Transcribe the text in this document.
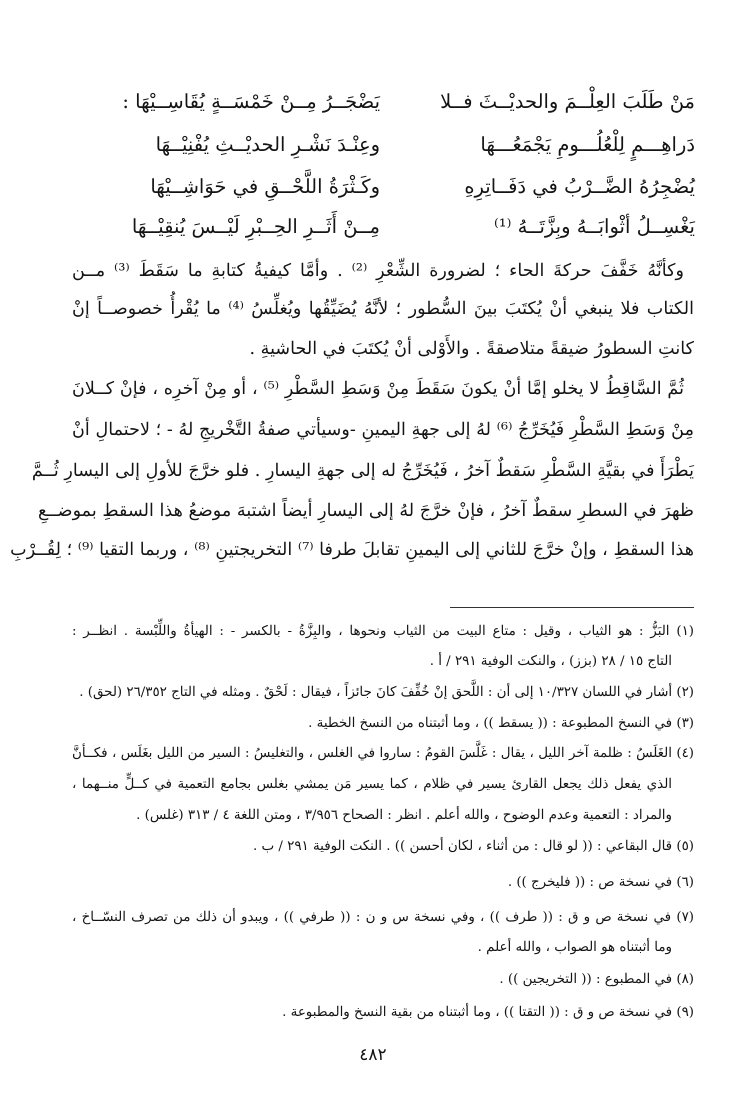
مَنْ طَلَبَ العِلْــمَ والحديْــثَ فــلا
يَضْجَــرُ مِــنْ خَمْسَــةٍ يُقَاسِــيْهَا :
دَراهِـــمٍ لِلْعُلُـــومِ يَجْمَعُـــهَا
وعِنْـدَ نَشْـرِ الحديْــثِ يُفْنِيْــهَا
يُضْجِرُهُ الضَّــرْبُ في دَفَــاتِرِهِ
وكَـثْرَةُ اللَّحْــقِ في حَوَاشِــيْهَا
يَغْسِــلُ أثْوابَــهُ وبِزَّتَــهُ ⁽¹⁾
مِــنْ أَثَــرِ الحِــبْرِ لَيْــسَ يُنقِيْــهَا
وكأنَّهُ خَفَّفَ حركةَ الحاء ؛ لضرورة الشِّعْرِ ⁽²⁾ . وأمَّا كيفيةُ كتابةِ ما سَقَطَ ⁽³⁾ مــن
الكتاب فلا ينبغي أنْ يُكتَبَ بينَ السُّطور ؛ لأنَّهُ يُضَيِّقُها ويُغلِّسُ ⁽⁴⁾ ما يُقْرأُ خصوصــاً إنْ
كانتِ السطورُ ضيقةً متلاصقةً . والأَوْلى أنْ يُكتَبَ في الحاشيةِ .
ثُمَّ السَّاقِطُ لا يخلو إمَّا أنْ يكونَ سَقَطَ مِنْ وَسَطِ السَّطْرِ ⁽⁵⁾ ، أو مِنْ آخرِه ، فإنْ كــلانَ
مِنْ وَسَطِ السَّطْرِ فَيُخَرِّجُ ⁽⁶⁾ لهُ إلى جهةِ اليمينِ -وسيأتي صفةُ التَّخْريجِ لهُ - ؛ لاحتمالِ أنْ
يَطْرَأَ في بقيَّةِ السَّطْرِ سَقطٌ آخرُ ، فَيُخَرِّجُ له إلى جهةِ اليسارِ . فلو خرَّجَ للأولِ إلى اليسارِ ثُــمَّ
ظهرَ في السطرِ سقطٌ آخرُ ، فإنْ خرَّجَ لهُ إلى اليسارِ أيضاً اشتبهَ موضعُ هذا السقطِ بموضــعِ
هذا السقطِ ، وإنْ خرَّجَ للثاني إلى اليمينِ تقابلَ طرفا ⁽⁷⁾ التخريجتينِ ⁽⁸⁾ ، وربما التقيا ⁽⁹⁾ ؛ لِقُــرْبِ
(١) البَزُّ : هو الثياب ، وقيل : متاع البيت من الثياب ونحوها ، والبِزَّةُ - بالكسر - : الهيأةُ واللِّبْسة . انظــر :
التاج ١٥ / ٢٨ (بزز) ، والنكت الوفية ٢٩١ / أ .
(٢) أشار في اللسان ١٠/٣٢٧ إلى أن : اللَّحق إنْ خُفِّفَ كانَ جائزاً ، فيقال : لَحْقٌ . ومثله في التاج ٢٦/٣٥٢ (لحق) .
(٣) في النسخ المطبوعة : (( يسقط )) ، وما أثبتناه من النسخ الخطية .
(٤) الغَلَسُ : ظلمة آخر الليل ، يقال : غَلَّسَ القومُ : ساروا في الغلس ، والتغليسُ : السير من الليل بغَلَس ، فكــأنَّ
الذي يفعل ذلك يجعل القارئ يسير في ظلام ، كما يسير مَن يمشي بغلس بجامع التعمية في كــلٍّ منــهما ،
والمراد : التعمية وعدم الوضوح ، والله أعلم . انظر : الصحاح ٣/٩٥٦ ، ومتن اللغة ٤ / ٣١٣ (غلس) .
(٥) قال البقاعي : (( لو قال : من أثناء ، لكان أحسن )) . النكت الوفية ٢٩١ / ب .
(٦) في نسخة ص : (( فليخرج )) .
(٧) في نسخة ص و ق : (( طرف )) ، وفي نسخة س و ن : (( طرفي )) ، ويبدو أن ذلك من تصرف النسّــاخ ،
وما أثبتناه هو الصواب ، والله أعلم .
(٨) في المطبوع : (( التخريجين )) .
(٩) في نسخة ص و ق : (( التقتا )) ، وما أثبتناه من بقية النسخ والمطبوعة .
٤٨٢
